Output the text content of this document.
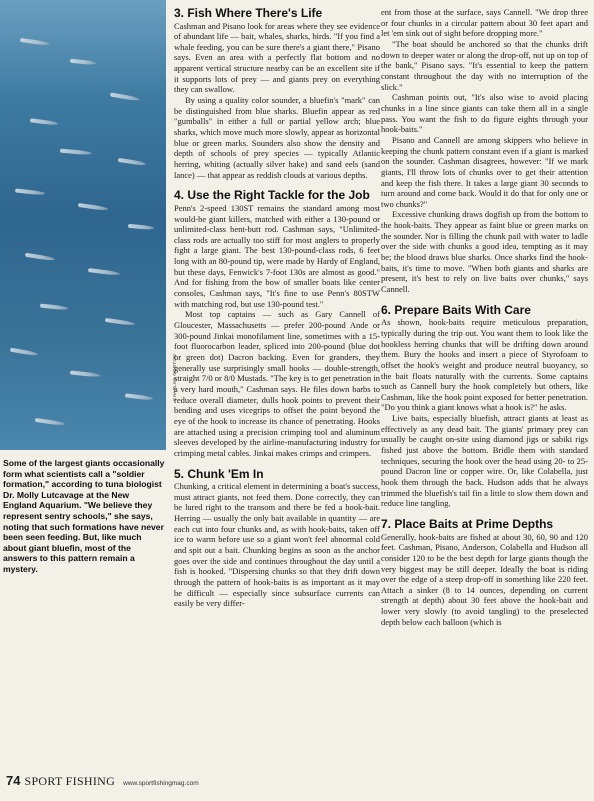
CHARLES NORTON
Some of the largest giants occasionally form what scientists call a "soldier formation," according to tuna biologist Dr. Molly Lutcavage at the New England Aquarium. "We believe they represent sentry schools," she says, noting that such formations have never been seen feeding. But, like much about giant bluefin, most of the answers to this pattern remain a mystery.
3. Fish Where There's Life

Cashman and Pisano look for areas where they see evidence of abundant life — bait, whales, sharks, birds. "If you find a whale feeding, you can be sure there's a giant there," Pisano says. Even an area with a perfectly flat bottom and no apparent vertical structure nearby can be an excellent site if it supports lots of prey — and giants prey on everything they can swallow.

By using a quality color sounder, a bluefin's "mark" can be distinguished from blue sharks. Bluefin appear as red "gumballs" in either a full or partial yellow arch; blue sharks, which move much more slowly, appear as horizontal blue or green marks. Sounders also show the density and depth of schools of prey species — typically Atlantic herring, whiting (actually silver hake) and sand eels (sand lance) — that appear as reddish clouds at various depths.

4. Use the Right Tackle for the Job

Penn's 2-speed 130ST remains the standard among most would-be giant killers, matched with either a 130-pound or unlimited-class bent-butt rod. Cashman says, "Unlimited-class rods are actually too stiff for most anglers to properly fight a large giant. The best 130-pound-class rods, 6 feet long with an 80-pound tip, were made by Hardy of England, but these days, Fenwick's 7-foot 130s are almost as good." And for fishing from the bow of smaller boats like center consoles, Cashman says, "It's fine to use Penn's 80STW with matching rod, but use 130-pound test."

Most top captains — such as Gary Cannell of Gloucester, Massachusetts — prefer 200-pound Ande or 300-pound Jinkai monofilament line, sometimes with a 15-foot fluorocarbon leader, spliced into 200-pound (blue dot or green dot) Dacron backing. Even for granders, they generally use surprisingly small hooks — double-strength, straight 7/0 or 8/0 Mustads. "The key is to get penetration in a very hard mouth," Cashman says. He files down barbs to reduce overall diameter, dulls hook points to prevent their bending and uses vicegrips to offset the point beyond the eye of the hook to increase its chance of penetrating. Hooks are attached using a precision crimping tool and aluminum sleeves developed by the airline-manufacturing industry for crimping metal cables. Jinkai makes crimps and crimpers.

5. Chunk 'Em In

Chunking, a critical element in determining a boat's success, must attract giants, not feed them. Done correctly, they can be lured right to the transom and there be fed a hook-bait. Herring — usually the only bait available in quantity — are each cut into four chunks and, as with hook-baits, taken off ice to warm before use so a giant won't feel abnormal cold and spit out a bait. Chunking begins as soon as the anchor goes over the side and continues throughout the day until a fish is hooked. "Dispersing chunks so that they drift down through the pattern of hook-baits is as important as it may be difficult — especially since subsurface currents can easily be very differ-

ent from those at the surface, says Cannell. "We drop three or four chunks in a circular pattern about 30 feet apart and let 'em sink out of sight before dropping more."

"The boat should be anchored so that the chunks drift down to deeper water or along the drop-off, not up on top of the bank," Pisano says. "It's essential to keep the pattern constant throughout the day with no interruption of the slick."

Cashman points out, "It's also wise to avoid placing chunks in a line since giants can take them all in a single pass. You want the fish to do figure eights through your hook-baits."

Pisano and Cannell are among skippers who believe in keeping the chunk pattern constant even if a giant is marked on the sounder. Cashman disagrees, however: "If we mark giants, I'll throw lots of chunks over to get their attention and keep the fish there. It takes a large giant 30 seconds to turn around and come back. Would it do that for only one or two chunks?"

Excessive chunking draws dogfish up from the bottom to the hook-baits. They appear as faint blue or green marks on the sounder. Nor is filling the chunk pail with water to ladle over the side with chunks a good idea, tempting as it may be; the blood draws blue sharks. Once sharks find the hook-baits, it's time to move. "When both giants and sharks are present, it's best to rely on live baits over chunks," says Cannell.

6. Prepare Baits With Care

As shown, hook-baits require meticulous preparation, typically during the trip out. You want them to look like the hookless herring chunks that will be drifting down around them. Bury the hooks and insert a piece of Styrofoam to offset the hook's weight and produce neutral buoyancy, so the bait floats naturally with the currents. Some captains such as Cannell bury the hook completely but others, like Cashman, like the hook point exposed for better penetration. "Do you think a giant knows what a hook is?" he asks.

Live baits, especially bluefish, attract giants at least as effectively as any dead bait. The giants' primary prey can usually be caught on-site using diamond jigs or sabiki rigs fished just above the bottom. Bridle them with standard techniques, securing the hook over the head using 20- to 25-pound Dacron line or copper wire. Or, like Colabella, just hook them through the back. Hudson adds that he always trimmed the bluefish's tail fin a little to slow them down and reduce line tangling.

7. Place Baits at Prime Depths

Generally, hook-baits are fished at about 30, 60, 90 and 120 feet. Cashman, Pisano, Anderson, Colabella and Hudson all consider 120 to be the best depth for large giants though the very biggest may be still deeper. Ideally the boat is riding over the edge of a steep drop-off in something like 220 feet. Attach a sinker (8 to 14 ounces, depending on current strength at depth) about 30 feet above the hook-bait and lower very slowly (to avoid tangling) to the preselected depth below each balloon (which is

74 SPORT FISHING www.sportfishingmag.com
